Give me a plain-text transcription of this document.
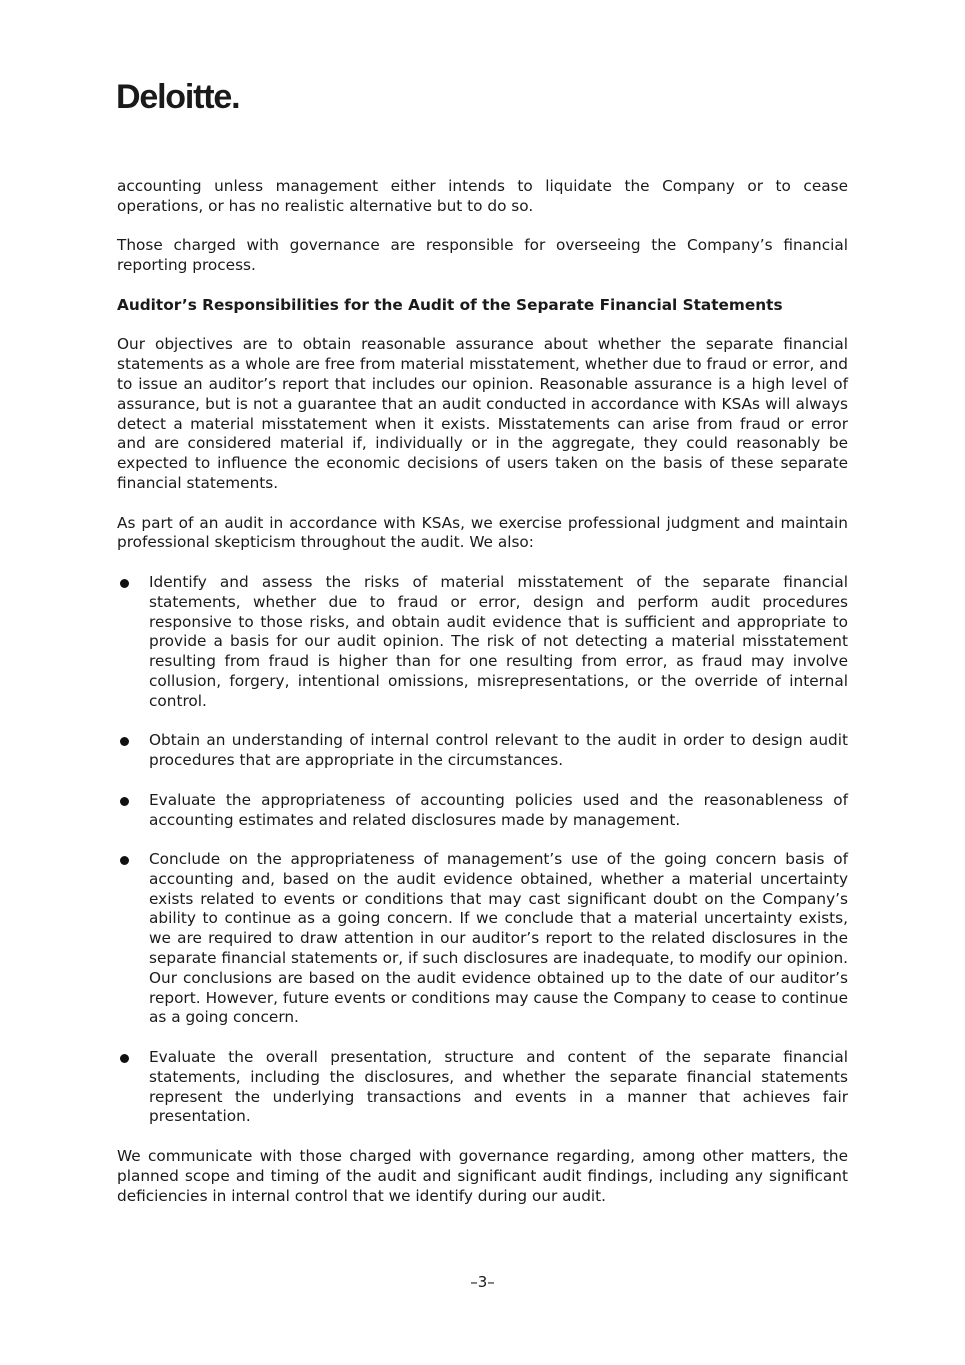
Deloitte.

accounting unless management either intends to liquidate the Company or to cease operations, or has no realistic alternative but to do so.

Those charged with governance are responsible for overseeing the Company’s financial reporting process.

Auditor’s Responsibilities for the Audit of the Separate Financial Statements

Our objectives are to obtain reasonable assurance about whether the separate financial statements as a whole are free from material misstatement, whether due to fraud or error, and to issue an auditor’s report that includes our opinion. Reasonable assurance is a high level of assurance, but is not a guarantee that an audit conducted in accordance with KSAs will always detect a material misstatement when it exists. Misstatements can arise from fraud or error and are considered material if, individually or in the aggregate, they could reasonably be expected to influence the economic decisions of users taken on the basis of these separate financial statements.

As part of an audit in accordance with KSAs, we exercise professional judgment and maintain professional skepticism throughout the audit. We also:

Identify and assess the risks of material misstatement of the separate financial statements, whether due to fraud or error, design and perform audit procedures responsive to those risks, and obtain audit evidence that is sufficient and appropriate to provide a basis for our audit opinion. The risk of not detecting a material misstatement resulting from fraud is higher than for one resulting from error, as fraud may involve collusion, forgery, intentional omissions, misrepresentations, or the override of internal control.
Obtain an understanding of internal control relevant to the audit in order to design audit procedures that are appropriate in the circumstances.
Evaluate the appropriateness of accounting policies used and the reasonableness of accounting estimates and related disclosures made by management.
Conclude on the appropriateness of management’s use of the going concern basis of accounting and, based on the audit evidence obtained, whether a material uncertainty exists related to events or conditions that may cast significant doubt on the Company’s ability to continue as a going concern. If we conclude that a material uncertainty exists, we are required to draw attention in our auditor’s report to the related disclosures in the separate financial statements or, if such disclosures are inadequate, to modify our opinion. Our conclusions are based on the audit evidence obtained up to the date of our auditor’s report. However, future events or conditions may cause the Company to cease to continue as a going concern.
Evaluate the overall presentation, structure and content of the separate financial statements, including the disclosures, and whether the separate financial statements represent the underlying transactions and events in a manner that achieves fair presentation.

We communicate with those charged with governance regarding, among other matters, the planned scope and timing of the audit and significant audit findings, including any significant deficiencies in internal control that we identify during our audit.

–3–
